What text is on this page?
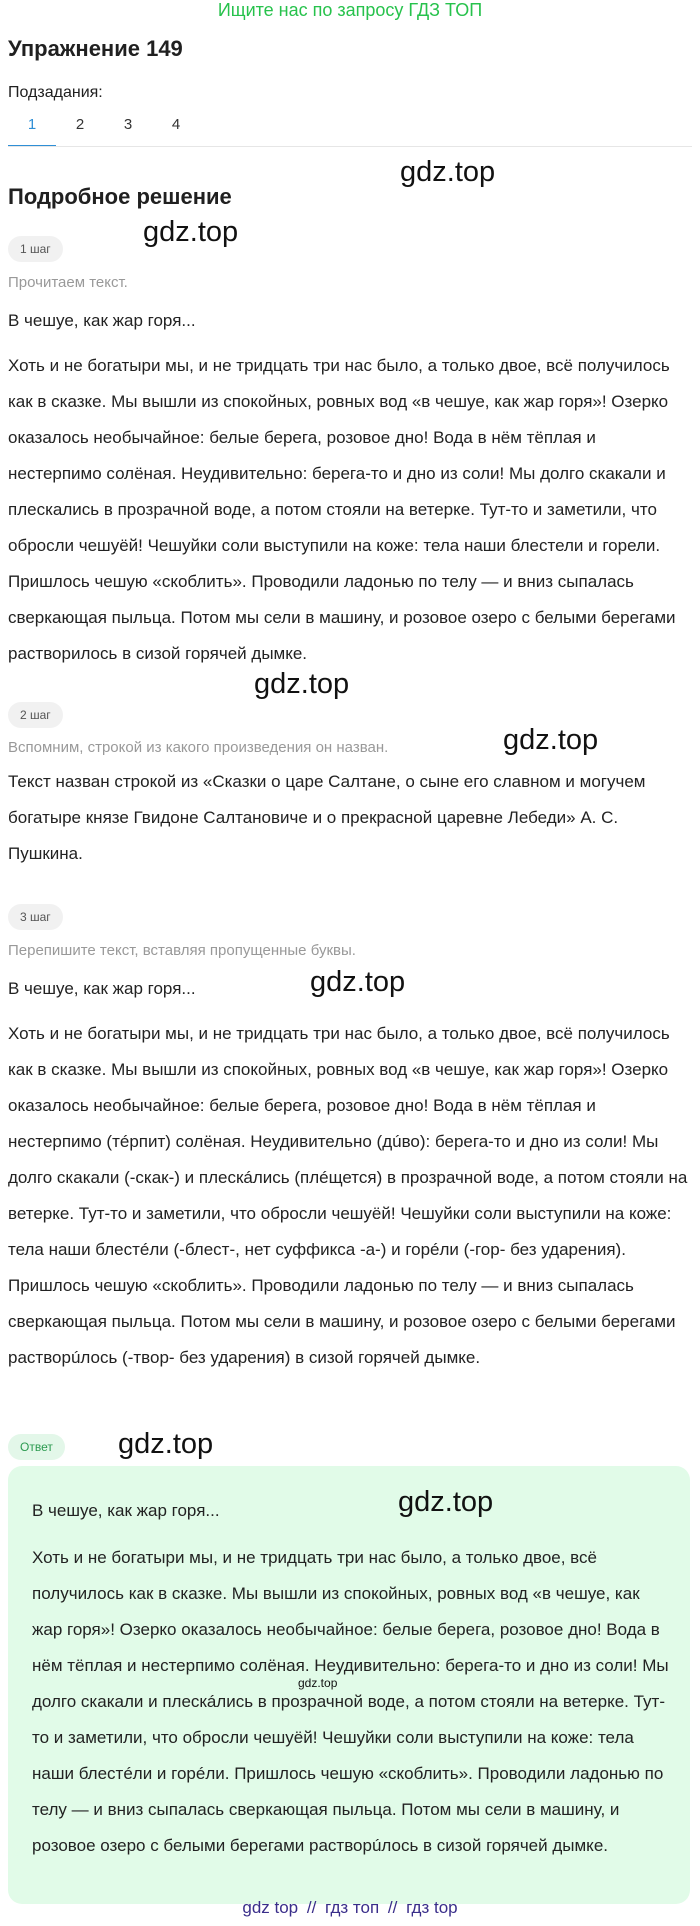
Ищите нас по запросу ГДЗ ТОП
Упражнение 149
Подзадания:
1	2	3	4
gdz.top
Подробное решение
gdz.top
1 шаг
Прочитаем текст.
В чешуе, как жар горя...
Хоть и не богатыри мы, и не тридцать три нас было, а только двое, всё получилось как в сказке. Мы вышли из спокойных, ровных вод «в чешуе, как жар горя»! Озерко оказалось необычайное: белые берега, розовое дно! Вода в нём тёплая и нестерпимо солёная. Неудивительно: берега-то и дно из соли! Мы долго скакали и плескались в прозрачной воде, а потом стояли на ветерке. Тут-то и заметили, что обросли чешуёй! Чешуйки соли выступили на коже: тела наши блестели и горели. Пришлось чешую «скоблить». Проводили ладонью по телу — и вниз сыпалась сверкающая пыльца. Потом мы сели в машину, и розовое озеро с белыми берегами растворилось в сизой горячей дымке.
gdz.top
2 шаг
Вспомним, строкой из какого произведения он назван.	gdz.top
Текст назван строкой из «Сказки о царе Салтане, о сыне его славном и могучем богатыре князе Гвидоне Салтановиче и о прекрасной царевне Лебеди» А. С. Пушкина.
3 шаг
Перепишите текст, вставляя пропущенные буквы.
В чешуе, как жар горя...	gdz.top
Хоть и не богатыри мы, и не тридцать три нас было, а только двое, всё получилось как в сказке. Мы вышли из спокойных, ровных вод «в чешуе, как жар горя»! Озерко оказалось необычайное: белые берега, розовое дно! Вода в нём тёплая и нестерпимо (тéрпит) солёная. Неудивительно (дúво): берега-то и дно из соли! Мы долго скакали (-скак-) и плескáлись (плéщется) в прозрачной воде, а потом стояли на ветерке. Тут-то и заметили, что обросли чешуёй! Чешуйки соли выступили на коже: тела наши блестéли (-блест-, нет суффикса -а-) и горéли (-гор- без ударения). Пришлось чешую «скоблить». Проводили ладонью по телу — и вниз сыпалась сверкающая пыльца. Потом мы сели в машину, и розовое озеро с белыми берегами растворúлось (-твор- без ударения) в сизой горячей дымке.
Ответ	gdz.top
В чешуе, как жар горя...	gdz.top
Хоть и не богатыри мы, и не тридцать три нас было, а только двое, всё получилось как в сказке. Мы вышли из спокойных, ровных вод «в чешуе, как жар горя»! Озерко оказалось необычайное: белые берега, розовое дно! Вода в нём тёплая и нестерпимо солёная. Неудивительно: берега-то и дно из соли! Мы долго скакали и плескáлись в прозрачной воде, а потом стояли на ветерке. Тут-то и заметили, что обросли чешуёй! Чешуйки соли выступили на коже: тела наши блестéли и горéли. Пришлось чешую «скоблить». Проводили ладонью по телу — и вниз сыпалась сверкающая пыльца. Потом мы сели в машину, и розовое озеро с белыми берегами растворúлось в сизой горячей дымке.
gdz.top
gdz top // гдз топ // гдз top
